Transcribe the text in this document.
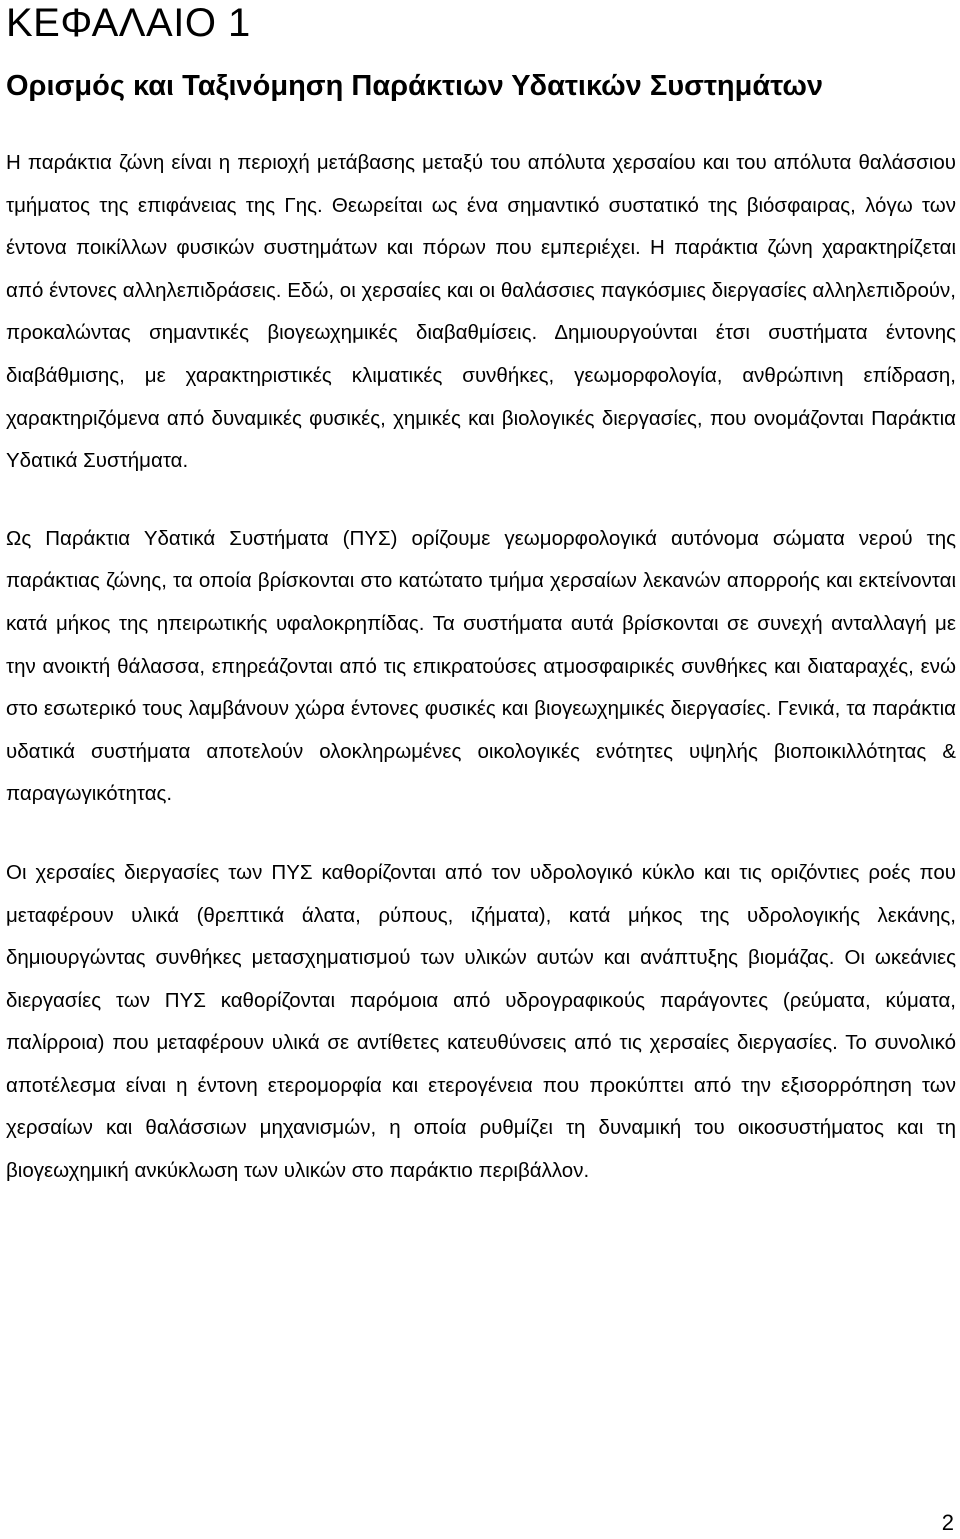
ΚΕΦΑΛΑΙΟ 1
Ορισμός και Ταξινόμηση Παράκτιων Υδατικών Συστημάτων

Η παράκτια ζώνη είναι η περιοχή μετάβασης μεταξύ του απόλυτα χερσαίου και του απόλυτα θαλάσσιου τμήματος της επιφάνειας της Γης. Θεωρείται ως ένα σημαντικό συστατικό της βιόσφαιρας, λόγω των έντονα ποικίλλων φυσικών συστημάτων και πόρων που εμπεριέχει. Η παράκτια ζώνη χαρακτηρίζεται από έντονες αλληλεπιδράσεις. Εδώ, οι χερσαίες και οι θαλάσσιες παγκόσμιες διεργασίες αλληλεπιδρούν, προκαλώντας σημαντικές βιογεωχημικές διαβαθμίσεις. Δημιουργούνται έτσι συστήματα έντονης διαβάθμισης, με χαρακτηριστικές κλιματικές συνθήκες, γεωμορφολογία, ανθρώπινη επίδραση, χαρακτηριζόμενα από δυναμικές φυσικές, χημικές και βιολογικές διεργασίες, που ονομάζονται Παράκτια Υδατικά Συστήματα.

Ως Παράκτια Υδατικά Συστήματα (ΠΥΣ) ορίζουμε γεωμορφολογικά αυτόνομα σώματα νερού της παράκτιας ζώνης, τα οποία βρίσκονται στο κατώτατο τμήμα χερσαίων λεκανών απορροής και εκτείνονται κατά μήκος της ηπειρωτικής υφαλοκρηπίδας. Τα συστήματα αυτά βρίσκονται σε συνεχή ανταλλαγή με την ανοικτή θάλασσα, επηρεάζονται από τις επικρατούσες ατμοσφαιρικές συνθήκες και διαταραχές, ενώ στο εσωτερικό τους λαμβάνουν χώρα έντονες φυσικές και βιογεωχημικές διεργασίες. Γενικά, τα παράκτια υδατικά συστήματα αποτελούν ολοκληρωμένες οικολογικές ενότητες υψηλής βιοποικιλλότητας & παραγωγικότητας.

Οι χερσαίες διεργασίες των ΠΥΣ καθορίζονται από τον υδρολογικό κύκλο και τις οριζόντιες ροές που μεταφέρουν υλικά (θρεπτικά άλατα, ρύπους, ιζήματα), κατά μήκος της υδρολογικής λεκάνης, δημιουργώντας συνθήκες μετασχηματισμού των υλικών αυτών και ανάπτυξης βιομάζας. Οι ωκεάνιες διεργασίες των ΠΥΣ καθορίζονται παρόμοια από υδρογραφικούς παράγοντες (ρεύματα, κύματα, παλίρροια) που μεταφέρουν υλικά σε αντίθετες κατευθύνσεις από τις χερσαίες διεργασίες. Το συνολικό αποτέλεσμα είναι η έντονη ετερομορφία και ετερογένεια που προκύπτει από την εξισορρόπηση των χερσαίων και θαλάσσιων μηχανισμών, η οποία ρυθμίζει τη δυναμική του οικοσυστήματος και τη βιογεωχημική ανκύκλωση των υλικών στο παράκτιο περιβάλλον.

2
